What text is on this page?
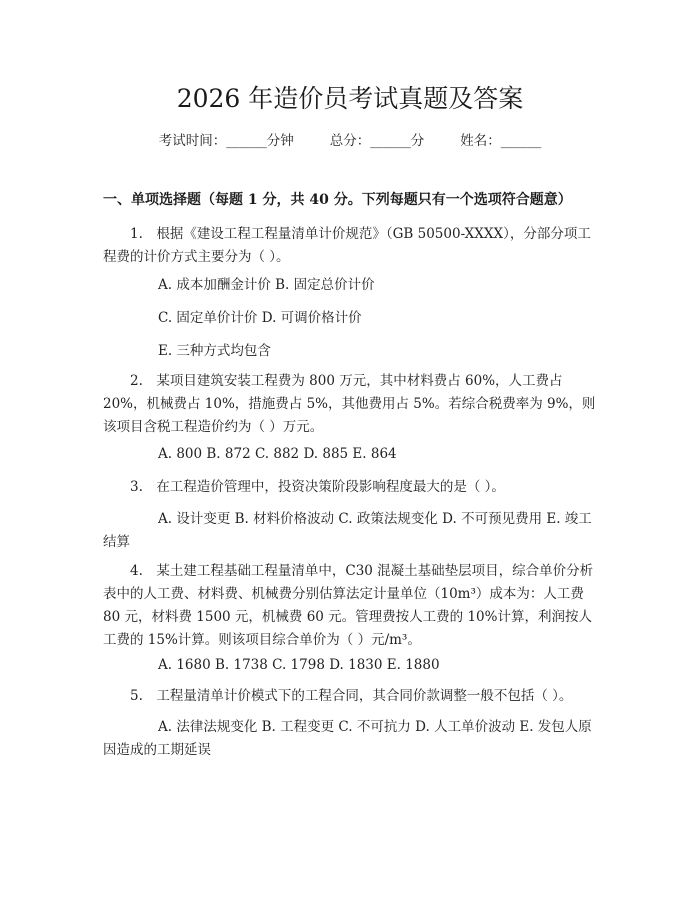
2026 年造价员考试真题及答案
考试时间：______分钟	总分：______分	姓名：______
一、单项选择题（每题 1 分，共 40 分。下列每题只有一个选项符合题意）

1.　根据《建设工程工程量清单计价规范》（GB 50500-XXXX），分部分项工程费的计价方式主要分为（ ）。

A. 成本加酬金计价 B. 固定总价计价

C. 固定单价计价 D. 可调价格计价

E. 三种方式均包含

2.　某项目建筑安装工程费为 800 万元，其中材料费占 60%，人工费占 20%，机械费占 10%，措施费占 5%，其他费用占 5%。若综合税费率为 9%，则该项目含税工程造价约为（ ）万元。

A. 800 B. 872 C. 882 D. 885 E. 864

3.　在工程造价管理中，投资决策阶段影响程度最大的是（ ）。

A. 设计变更 B. 材料价格波动 C. 政策法规变化 D. 不可预见费用 E. 竣工结算

4.　某土建工程基础工程量清单中，C30 混凝土基础垫层项目，综合单价分析表中的人工费、材料费、机械费分别估算法定计量单位（10m³）成本为：人工费 80 元，材料费 1500 元，机械费 60 元。管理费按人工费的 10%计算，利润按人工费的 15%计算。则该项目综合单价为（ ）元/m³。

A. 1680 B. 1738 C. 1798 D. 1830 E. 1880

5.　工程量清单计价模式下的工程合同，其合同价款调整一般不包括（ ）。

A. 法律法规变化 B. 工程变更 C. 不可抗力 D. 人工单价波动 E. 发包人原因造成的工期延误
